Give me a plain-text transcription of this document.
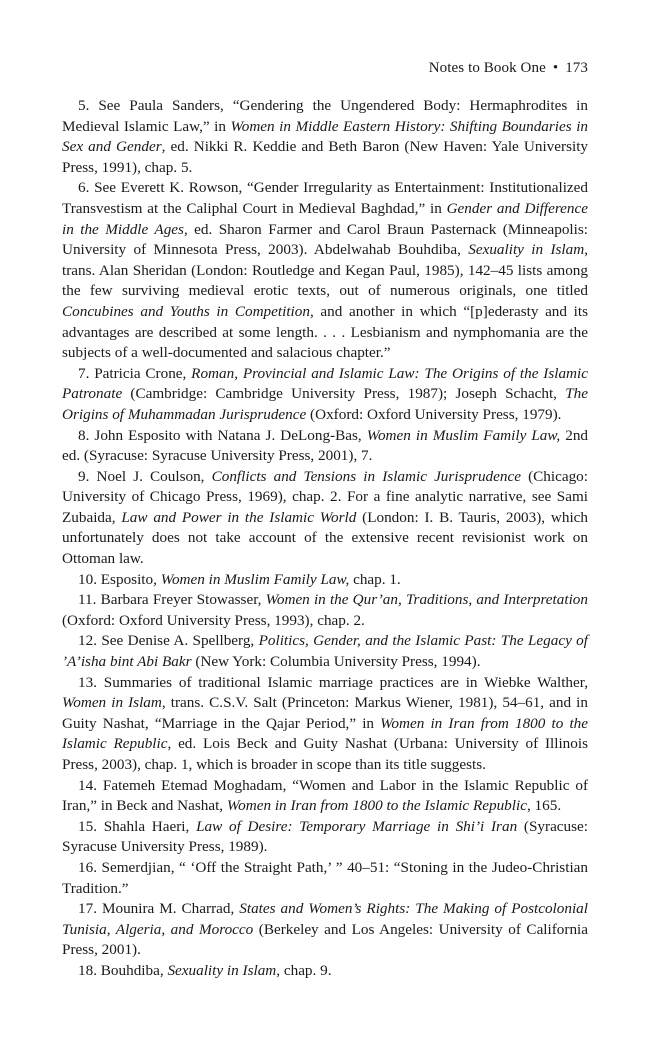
Notes to Book One • 173

5. See Paula Sanders, “Gendering the Ungendered Body: Hermaphrodites in Medieval Islamic Law,” in Women in Middle Eastern History: Shifting Boundaries in Sex and Gender, ed. Nikki R. Keddie and Beth Baron (New Haven: Yale University Press, 1991), chap. 5.

6. See Everett K. Rowson, “Gender Irregularity as Entertainment: Institutionalized Transvestism at the Caliphal Court in Medieval Baghdad,” in Gender and Difference in the Middle Ages, ed. Sharon Farmer and Carol Braun Pasternack (Minneapolis: University of Minnesota Press, 2003). Abdelwahab Bouhdiba, Sexuality in Islam, trans. Alan Sheridan (London: Routledge and Kegan Paul, 1985), 142–45 lists among the few surviving medieval erotic texts, out of numerous originals, one titled Concubines and Youths in Competition, and another in which “[p]ederasty and its advantages are described at some length. . . . Lesbianism and nymphomania are the subjects of a well-documented and salacious chapter.”

7. Patricia Crone, Roman, Provincial and Islamic Law: The Origins of the Islamic Patronate (Cambridge: Cambridge University Press, 1987); Joseph Schacht, The Origins of Muhammadan Jurisprudence (Oxford: Oxford University Press, 1979).

8. John Esposito with Natana J. DeLong-Bas, Women in Muslim Family Law, 2nd ed. (Syracuse: Syracuse University Press, 2001), 7.

9. Noel J. Coulson, Conflicts and Tensions in Islamic Jurisprudence (Chicago: University of Chicago Press, 1969), chap. 2. For a fine analytic narrative, see Sami Zubaida, Law and Power in the Islamic World (London: I. B. Tauris, 2003), which unfortunately does not take account of the extensive recent revisionist work on Ottoman law.

10. Esposito, Women in Muslim Family Law, chap. 1.

11. Barbara Freyer Stowasser, Women in the Qur’an, Traditions, and Interpretation (Oxford: Oxford University Press, 1993), chap. 2.

12. See Denise A. Spellberg, Politics, Gender, and the Islamic Past: The Legacy of ’A’isha bint Abi Bakr (New York: Columbia University Press, 1994).

13. Summaries of traditional Islamic marriage practices are in Wiebke Walther, Women in Islam, trans. C.S.V. Salt (Princeton: Markus Wiener, 1981), 54–61, and in Guity Nashat, “Marriage in the Qajar Period,” in Women in Iran from 1800 to the Islamic Republic, ed. Lois Beck and Guity Nashat (Urbana: University of Illinois Press, 2003), chap. 1, which is broader in scope than its title suggests.

14. Fatemeh Etemad Moghadam, “Women and Labor in the Islamic Republic of Iran,” in Beck and Nashat, Women in Iran from 1800 to the Islamic Republic, 165.

15. Shahla Haeri, Law of Desire: Temporary Marriage in Shi’i Iran (Syracuse: Syracuse University Press, 1989).

16. Semerdjian, “ ‘Off the Straight Path,’ ” 40–51: “Stoning in the Judeo-Christian Tradition.”

17. Mounira M. Charrad, States and Women’s Rights: The Making of Postcolonial Tunisia, Algeria, and Morocco (Berkeley and Los Angeles: University of California Press, 2001).

18. Bouhdiba, Sexuality in Islam, chap. 9.
